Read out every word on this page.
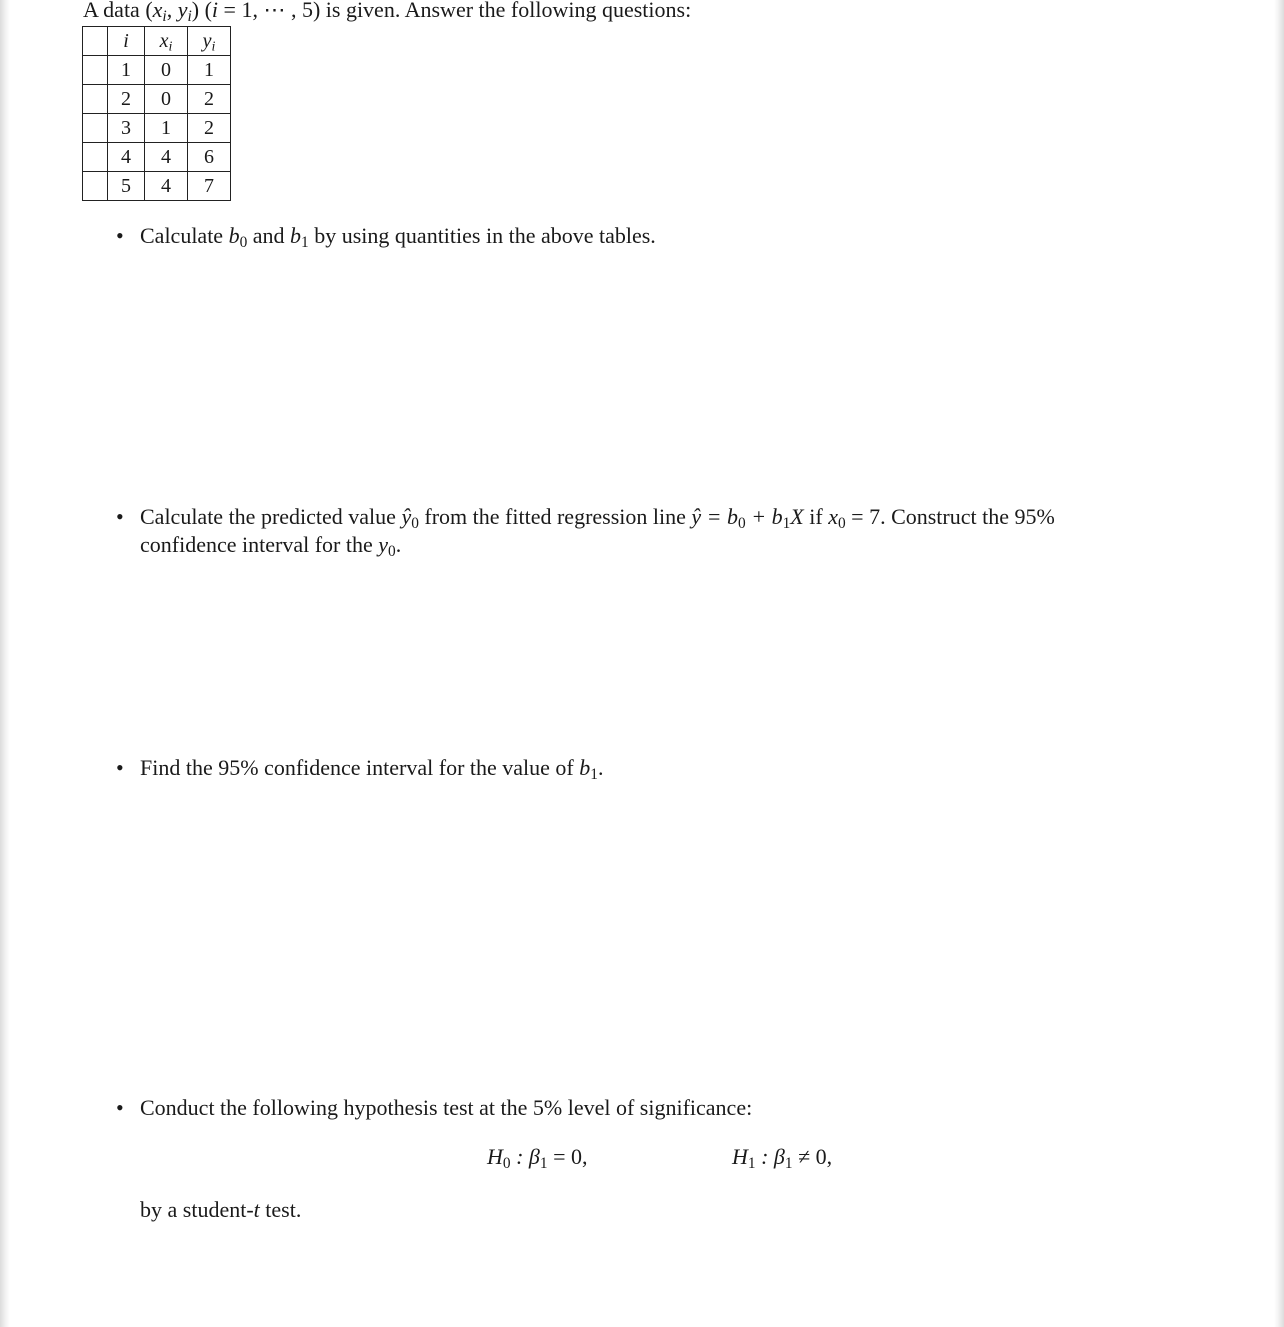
A data ($x_i$, $y_i$) (i = 1, ⋯ , 5) is given. Answer the following questions:
	i	$x_i$	$y_i$
	1	0	1
	2	0	2
	3	1	2
	4	4	6
	5	4	7
• Calculate $b_0$ and $b_1$ by using quantities in the above tables.
• Calculate the predicted value $ŷ_0$ from the fitted regression line ŷ = $b_0 + b_1X$ if $x_0 = 7$. Construct the 95%
confidence interval for the $y_0$.
• Find the 95% confidence interval for the value of $b_1$.
• Conduct the following hypothesis test at the 5% level of significance:
$H_0$ : $\beta_1 = 0$,	$H_1$ : $\beta_1 \ne 0$,
by a student-t test.
